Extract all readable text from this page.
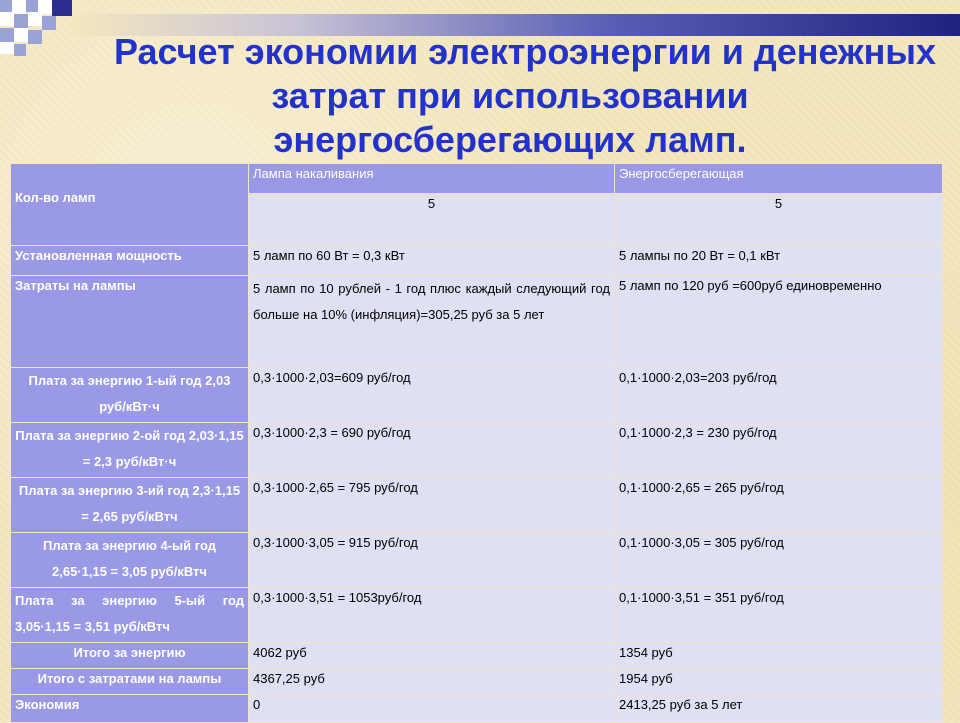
Расчет экономии электроэнергии и денежных
затрат при использовании
энергосберегающих ламп.
Кол-во ламп	Лампа накаливания	Энергосберегающая
	5	5
Установленная мощность	5 ламп по 60 Вт = 0,3 кВт	5 лампы по 20 Вт = 0,1 кВт
Затраты на лампы	5 ламп по 10 рублей - 1 год плюс каждый следующий год больше на 10% (инфляция)=305,25 руб за 5 лет	5 ламп по 120 руб =600руб единовременно
Плата за энергию 1-ый год 2,03 руб/кВт·ч	0,3·1000·2,03=609 руб/год	0,1·1000·2,03=203 руб/год
Плата за энергию 2-ой год 2,03·1,15 = 2,3 руб/кВт·ч	0,3·1000·2,3 = 690 руб/год	0,1·1000·2,3 = 230 руб/год
Плата за энергию 3-ий год 2,3·1,15 = 2,65 руб/кВтч	0,3·1000·2,65 = 795 руб/год	0,1·1000·2,65 = 265 руб/год
Плата за энергию 4-ый год 2,65·1,15 = 3,05 руб/кВтч	0,3·1000·3,05 = 915 руб/год	0,1·1000·3,05 = 305 руб/год
Плата за энергию 5-ый год 3,05·1,15 = 3,51 руб/кВтч	0,3·1000·3,51 = 1053руб/год	0,1·1000·3,51 = 351 руб/год
Итого за энергию	4062 руб	1354 руб
Итого с затратами на лампы	4367,25 руб	1954 руб
Экономия	0	2413,25 руб за 5 лет
